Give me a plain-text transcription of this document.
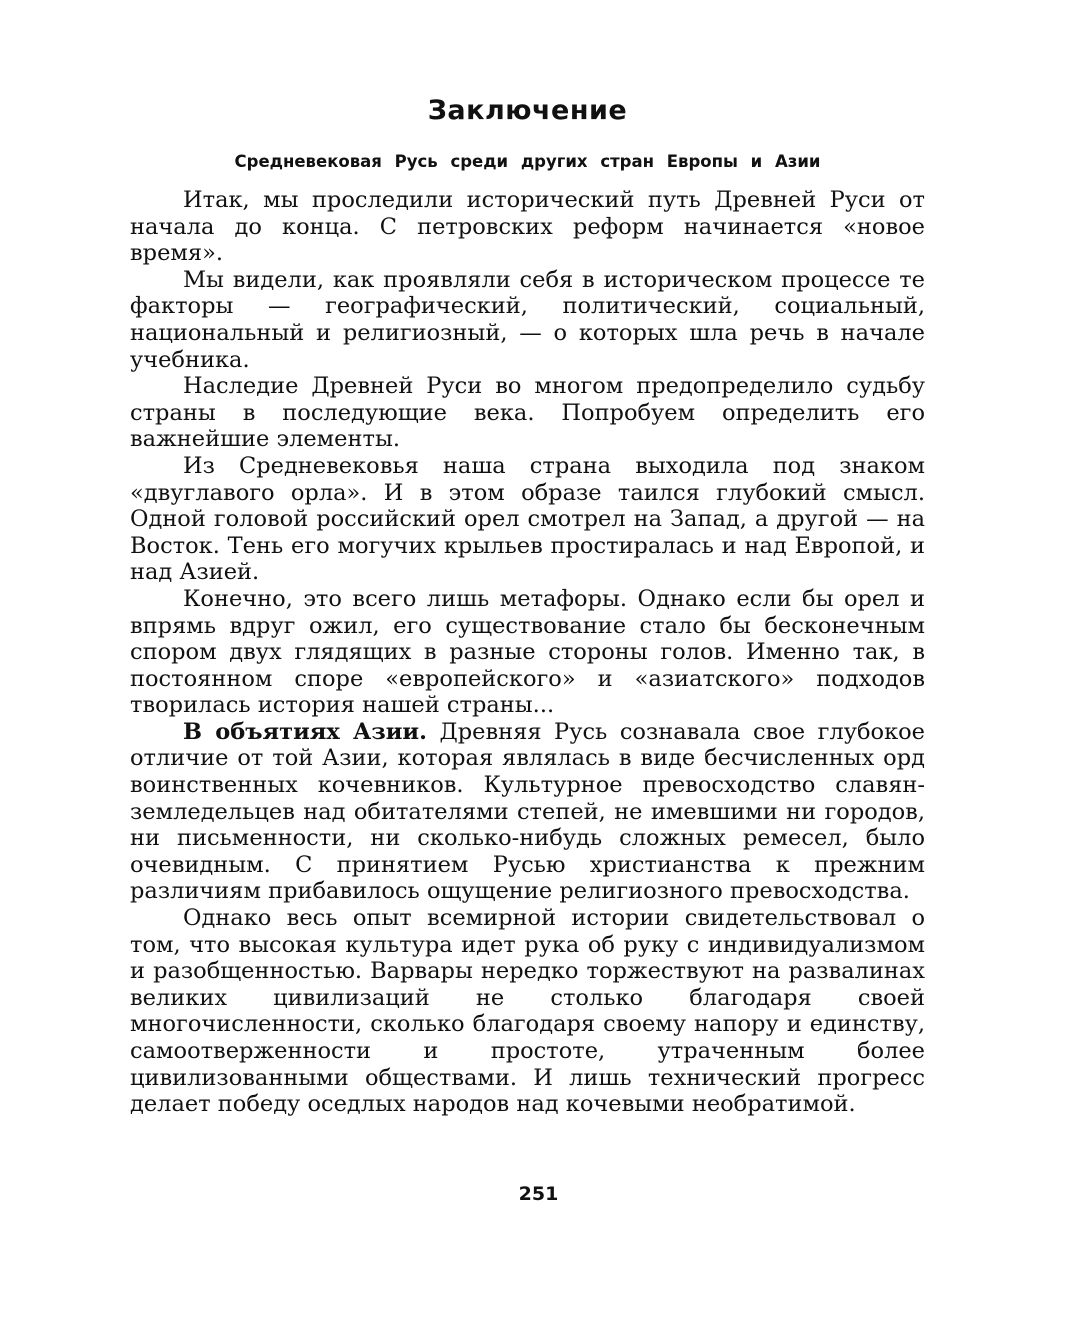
Заключение
Средневековая Русь среди других стран Европы и Азии

Итак, мы проследили исторический путь Древней Руси от начала до конца. С петровских реформ начинается «новое время».

Мы видели, как проявляли себя в историческом процессе те факторы — географический, политический, социальный, национальный и религиозный, — о которых шла речь в начале учебника.

Наследие Древней Руси во многом предопределило судьбу страны в последующие века. Попробуем определить его важнейшие элементы.

Из Средневековья наша страна выходила под знаком «двуглавого орла». И в этом образе таился глубокий смысл. Одной головой российский орел смотрел на Запад, а другой — на Восток. Тень его могучих крыльев простиралась и над Европой, и над Азией.

Конечно, это всего лишь метафоры. Однако если бы орел и впрямь вдруг ожил, его существование стало бы бесконечным спором двух глядящих в разные стороны голов. Именно так, в постоянном споре «европейского» и «азиатского» подходов творилась история нашей страны...

В объятиях Азии. Древняя Русь сознавала свое глубокое отличие от той Азии, которая являлась в виде бесчисленных орд воинственных кочевников. Культурное превосходство славян-земледельцев над обитателями степей, не имевшими ни городов, ни письменности, ни сколько-нибудь сложных ремесел, было очевидным. С принятием Русью христианства к прежним различиям прибавилось ощущение религиозного превосходства.

Однако весь опыт всемирной истории свидетельствовал о том, что высокая культура идет рука об руку с индивидуализмом и разобщенностью. Варвары нередко торжествуют на развалинах великих цивилизаций не столько благодаря своей многочисленности, сколько благодаря своему напору и единству, самоотверженности и простоте, утраченным более цивилизованными обществами. И лишь технический прогресс делает победу оседлых народов над кочевыми необратимой.

251
